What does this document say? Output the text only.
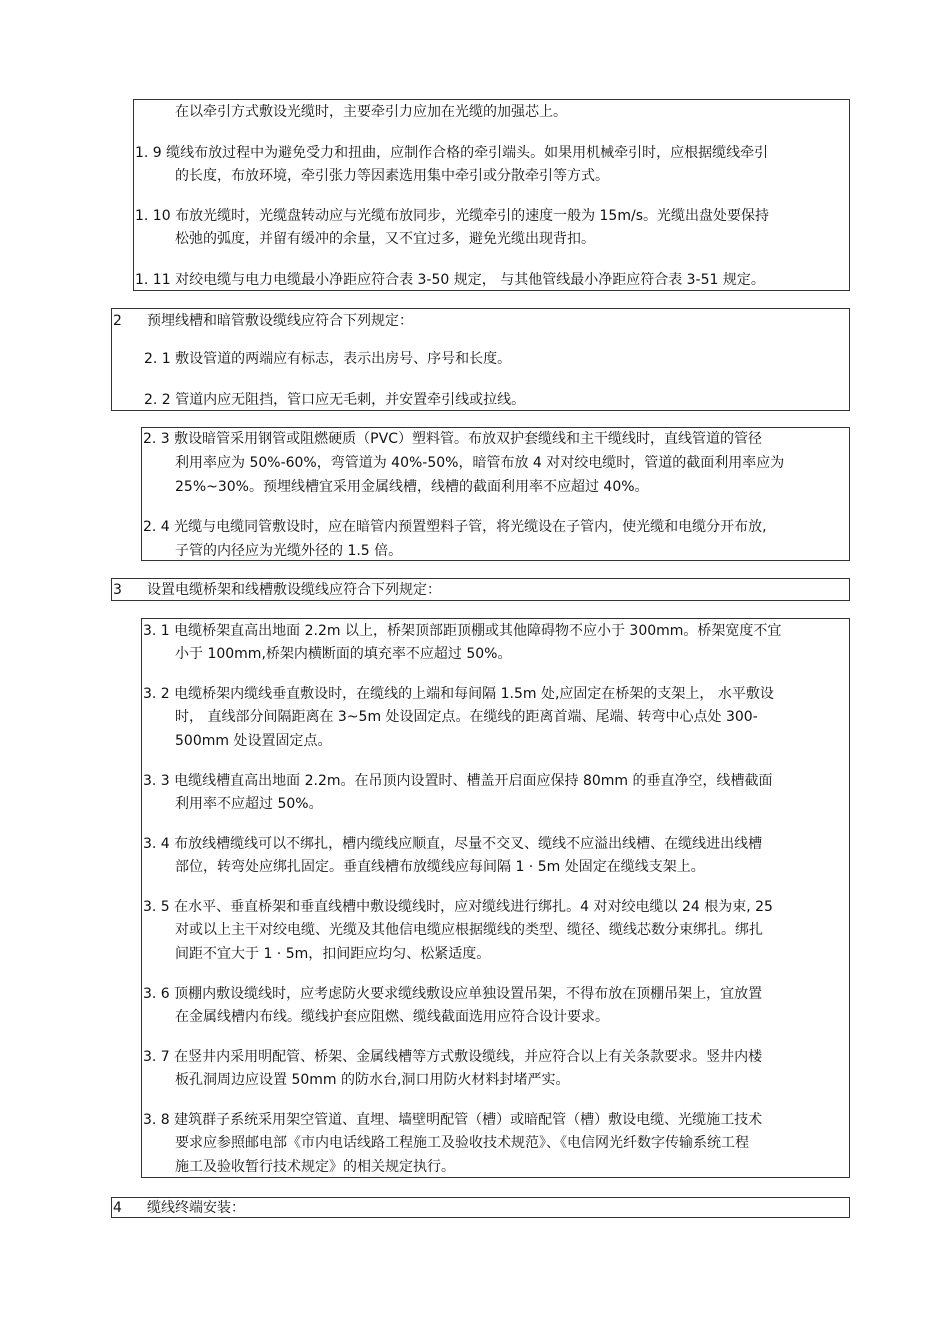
在以牵引方式敷设光缆时，主要牵引力应加在光缆的加强芯上。
1. 9 缆线布放过程中为避免受力和扭曲，应制作合格的牵引端头。如果用机械牵引时，应根据缆线牵引
的长度，布放环境，牵引张力等因素选用集中牵引或分散牵引等方式。
1. 10 布放光缆时，光缆盘转动应与光缆布放同步，光缆牵引的速度一般为 15m/s。光缆出盘处要保持
松弛的弧度，并留有缓冲的余量，又不宜过多，避免光缆出现背扣。
1. 11 对绞电缆与电力电缆最小净距应符合表 3-50 规定， 与其他管线最小净距应符合表 3-51 规定。
2 预埋线槽和暗管敷设缆线应符合下列规定：
2. 1 敷设管道的两端应有标志，表示出房号、序号和长度。
2. 2 管道内应无阻挡，管口应无毛刺，并安置牵引线或拉线。
2. 3 敷设暗管采用钢管或阻燃硬质（PVC）塑料管。布放双护套缆线和主干缆线时，直线管道的管径
利用率应为 50%-60%，弯管道为 40%-50%，暗管布放 4 对对绞电缆时，管道的截面利用率应为
25%~30%。预埋线槽宜采用金属线槽，线槽的截面利用率不应超过 40%。
2. 4 光缆与电缆同管敷设时，应在暗管内预置塑料子管，将光缆设在子管内，使光缆和电缆分开布放,
子管的内径应为光缆外径的 1.5 倍。
3 设置电缆桥架和线槽敷设缆线应符合下列规定：
3. 1 电缆桥架直高出地面 2.2m 以上，桥架顶部距顶棚或其他障碍物不应小于 300mm。桥架宽度不宜
小于 100mm,桥架内横断面的填充率不应超过 50%。
3. 2 电缆桥架内缆线垂直敷设时，在缆线的上端和每间隔 1.5m 处,应固定在桥架的支架上， 水平敷设
时， 直线部分间隔距离在 3~5m 处设固定点。在缆线的距离首端、尾端、转弯中心点处 300-
500mm 处设置固定点。
3. 3 电缆线槽直高出地面 2.2m。在吊顶内设置时、槽盖开启面应保持 80mm 的垂直净空，线槽截面
利用率不应超过 50%。
3. 4 布放线槽缆线可以不绑扎，槽内缆线应顺直，尽量不交叉、缆线不应溢出线槽、在缆线进出线槽
部位，转弯处应绑扎固定。垂直线槽布放缆线应每间隔 1 · 5m 处固定在缆线支架上。
3. 5 在水平、垂直桥架和垂直线槽中敷设缆线时，应对缆线进行绑扎。4 对对绞电缆以 24 根为束, 25
对或以上主干对绞电缆、光缆及其他信电缆应根据缆线的类型、缆径、缆线芯数分束绑扎。绑扎
间距不宜大于 1 · 5m，扣间距应均匀、松紧适度。
3. 6 顶棚内敷设缆线时，应考虑防火要求缆线敷设应单独设置吊架，不得布放在顶棚吊架上，宜放置
在金属线槽内布线。缆线护套应阻燃、缆线截面选用应符合设计要求。
3. 7 在竖井内采用明配管、桥架、金属线槽等方式敷设缆线，并应符合以上有关条款要求。竖井内楼
板孔洞周边应设置 50mm 的防水台,洞口用防火材料封堵严实。
3. 8 建筑群子系统采用架空管道、直埋、墙壁明配管（槽）或暗配管（槽）敷设电缆、光缆施工技术
要求应参照邮电部《市内电话线路工程施工及验收技术规范》、《电信网光纤数字传输系统工程
施工及验收暂行技术规定》的相关规定执行。
4 缆线终端安装：
